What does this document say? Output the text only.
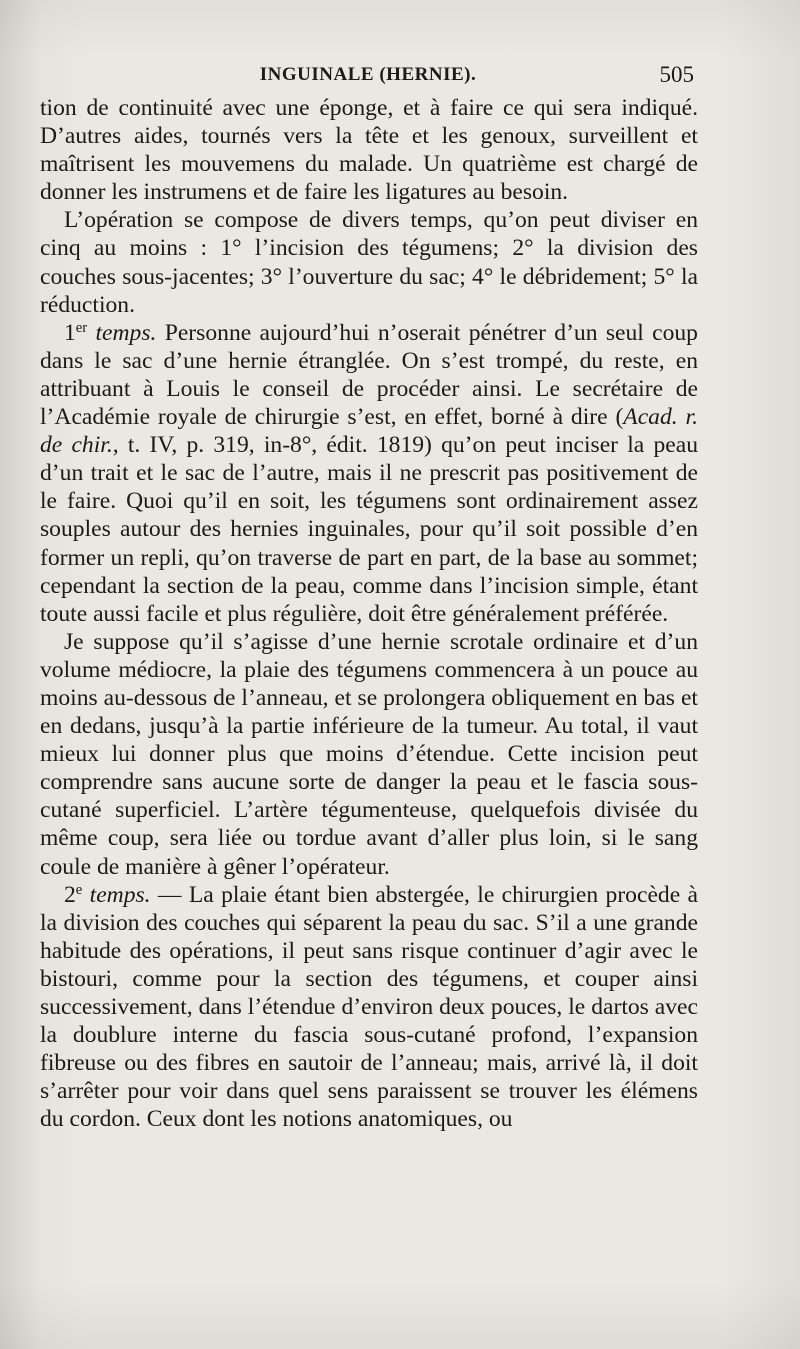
INGUINALE (HERNIE).	505

tion de continuité avec une éponge, et à faire ce qui sera indiqué. D’autres aides, tournés vers la tête et les genoux, surveillent et maîtrisent les mouvemens du malade. Un quatrième est chargé de donner les instrumens et de faire les ligatures au besoin.

L’opération se compose de divers temps, qu’on peut diviser en cinq au moins : 1° l’incision des tégumens; 2° la division des couches sous-jacentes; 3° l’ouverture du sac; 4° le débridement; 5° la réduction.

1er temps. Personne aujourd’hui n’oserait pénétrer d’un seul coup dans le sac d’une hernie étranglée. On s’est trompé, du reste, en attribuant à Louis le conseil de procéder ainsi. Le secrétaire de l’Académie royale de chirurgie s’est, en effet, borné à dire (Acad. r. de chir., t. IV, p. 319, in-8°, édit. 1819) qu’on peut inciser la peau d’un trait et le sac de l’autre, mais il ne prescrit pas positivement de le faire. Quoi qu’il en soit, les tégumens sont ordinairement assez souples autour des hernies inguinales, pour qu’il soit possible d’en former un repli, qu’on traverse de part en part, de la base au sommet; cependant la section de la peau, comme dans l’incision simple, étant toute aussi facile et plus régulière, doit être généralement préférée.

Je suppose qu’il s’agisse d’une hernie scrotale ordinaire et d’un volume médiocre, la plaie des tégumens commencera à un pouce au moins au-dessous de l’anneau, et se prolongera obliquement en bas et en dedans, jusqu’à la partie inférieure de la tumeur. Au total, il vaut mieux lui donner plus que moins d’étendue. Cette incision peut comprendre sans aucune sorte de danger la peau et le fascia sous-cutané superficiel. L’artère tégumenteuse, quelquefois divisée du même coup, sera liée ou tordue avant d’aller plus loin, si le sang coule de manière à gêner l’opérateur.

2e temps. — La plaie étant bien abstergée, le chirurgien procède à la division des couches qui séparent la peau du sac. S’il a une grande habitude des opérations, il peut sans risque continuer d’agir avec le bistouri, comme pour la section des tégumens, et couper ainsi successivement, dans l’étendue d’environ deux pouces, le dartos avec la doublure interne du fascia sous-cutané profond, l’expansion fibreuse ou des fibres en sautoir de l’anneau; mais, arrivé là, il doit s’arrêter pour voir dans quel sens paraissent se trouver les élémens du cordon. Ceux dont les notions anatomiques, ou
